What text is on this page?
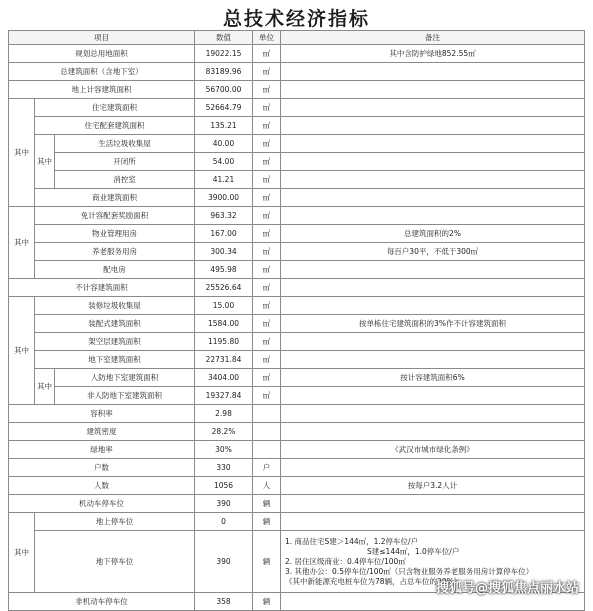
总技术经济指标
项目			数值	单位	备注
规划总用地面积			19022.15	㎡	其中含防护绿地852.55㎡
总建筑面积（含地下室）			83189.96	㎡	
地上计容建筑面积			56700.00	㎡	
其中	住宅建筑面积		52664.79	㎡	
	住宅配套建筑面积		135.21	㎡	
	其中	生活垃圾收集屋	40.00	㎡	
		开闭所	54.00	㎡	
		消控室	41.21	㎡	
	商业建筑面积		3900.00	㎡	
其中	免计容配套奖励面积		963.32	㎡	
	物业管理用房		167.00	㎡	总建筑面积的2%
	养老服务用房		300.34	㎡	每百户30平，不低于300㎡
	配电房		495.98	㎡	
不计容建筑面积			25526.64	㎡	
其中	装修垃圾收集屋		15.00	㎡	
	装配式建筑面积		1584.00	㎡	按单栋住宅建筑面积的3%作不计容建筑面积
	架空层建筑面积		1195.80	㎡	
	地下室建筑面积		22731.84	㎡	
	其中	人防地下室建筑面积	3404.00	㎡	按计容建筑面积6%
		非人防地下室建筑面积	19327.84	㎡	
容积率			2.98		
建筑密度			28.2%		
绿地率			30%		《武汉市城市绿化条例》
户数			330	户	
人数			1056	人	按每户3.2人计
机动车停车位			390	辆	
其中	地上停车位		0	辆	
	地下停车位		390	辆	1. 商品住宅S建＞144㎡，1.2停车位/户
S建≤144㎡，1.0停车位/户
2. 居住区级商业：0.4停车位/100㎡
3. 其他办公：0.5停车位/100㎡（只含物业服务养老服务用房计算停车位）
《其中新能源充电桩车位为78辆，占总车位的20%》

非机动车停车位			358	辆	
搜狐号@搜狐焦点丽水站
